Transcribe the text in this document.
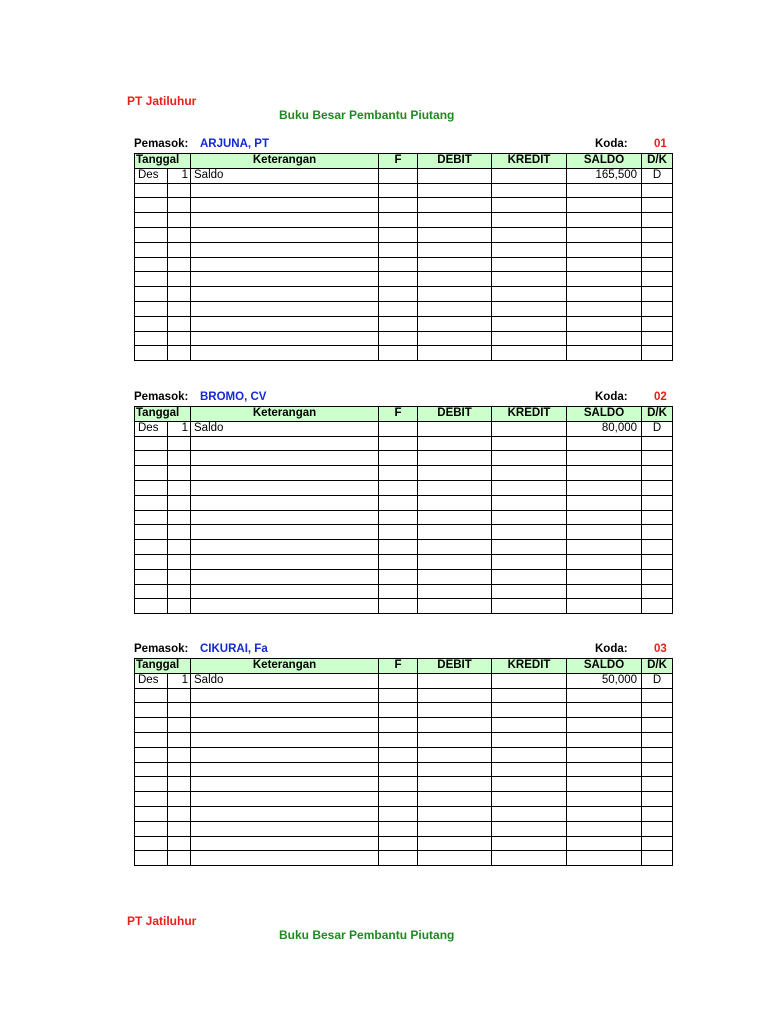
PT Jatiluhur
Buku Besar Pembantu Piutang
Pemasok: ARJUNA, PT	Koda: 01
Tanggal		Keterangan	F	DEBIT	KREDIT	SALDO	D/K
Des	1	Saldo				165,500	D

Pemasok: BROMO, CV	Koda: 02
Tanggal		Keterangan	F	DEBIT	KREDIT	SALDO	D/K
Des	1	Saldo				80,000	D

Pemasok: CIKURAI, Fa	Koda: 03
Tanggal		Keterangan	F	DEBIT	KREDIT	SALDO	D/K
Des	1	Saldo				50,000	D

PT Jatiluhur
Buku Besar Pembantu Piutang
